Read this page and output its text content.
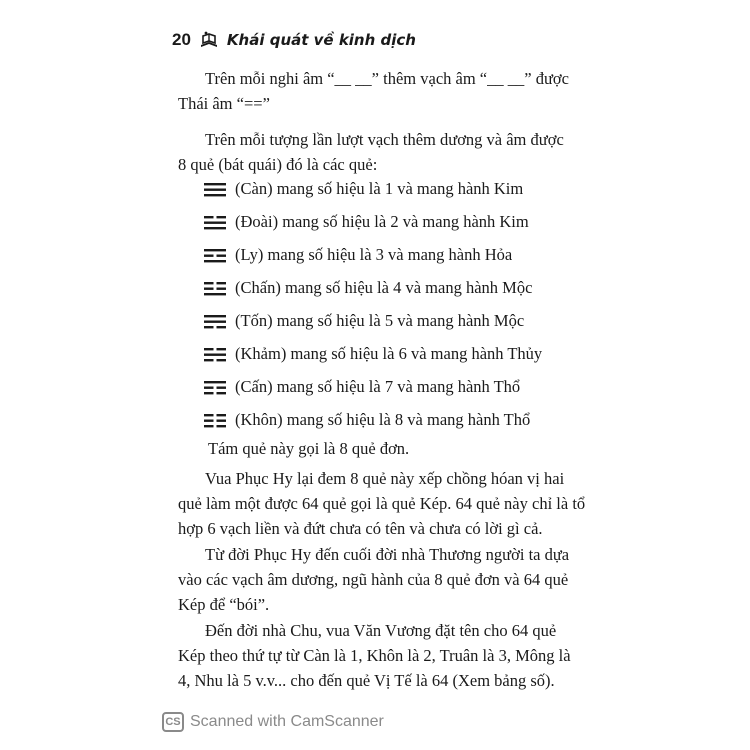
20 Khái quát về kinh dịch
Trên mỗi nghi âm “__ __” thêm vạch âm “__ __” được
Thái âm “==”
Trên mỗi tượng lần lượt vạch thêm dương và âm được
8 quẻ (bát quái) đó là các quẻ:
(Càn) mang số hiệu là 1 và mang hành Kim
(Đoài) mang số hiệu là 2 và mang hành Kim
(Ly) mang số hiệu là 3 và mang hành Hỏa
(Chấn) mang số hiệu là 4 và mang hành Mộc
(Tốn) mang số hiệu là 5 và mang hành Mộc
(Khảm) mang số hiệu là 6 và mang hành Thủy
(Cấn) mang số hiệu là 7 và mang hành Thổ
(Khôn) mang số hiệu là 8 và mang hành Thổ
Tám quẻ này gọi là 8 quẻ đơn.
Vua Phục Hy lại đem 8 quẻ này xếp chồng hóan vị hai
quẻ làm một được 64 quẻ gọi là quẻ Kép. 64 quẻ này chỉ là tổ
hợp 6 vạch liền và đứt chưa có tên và chưa có lời gì cả.
Từ đời Phục Hy đến cuối đời nhà Thương người ta dựa
vào các vạch âm dương, ngũ hành của 8 quẻ đơn và 64 quẻ
Kép để “bói”.
Đến đời nhà Chu, vua Văn Vương đặt tên cho 64 quẻ
Kép theo thứ tự từ Càn là 1, Khôn là 2, Truân là 3, Mông là
4, Nhu là 5 v.v... cho đến quẻ Vị Tế là 64 (Xem bảng số).
CS Scanned with CamScanner
